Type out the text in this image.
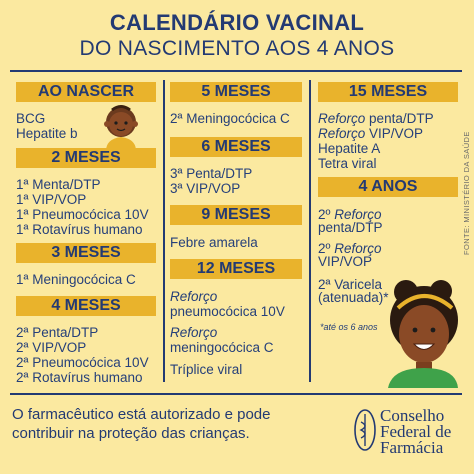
CALENDÁRIO VACINAL
DO NASCIMENTO AOS 4 ANOS
AO NASCER
BCG
Hepatite b
2 MESES
1ª Menta/DTP
1ª VIP/VOP
1ª Pneumocócica 10V
1ª Rotavírus humano
3 MESES
1ª Meningocócica C
4 MESES
2ª Penta/DTP
2ª VIP/VOP
2ª Pneumocócica 10V
2ª Rotavírus humano
5 MESES
2ª Meningocócica C
6 MESES
3ª Penta/DTP
3ª VIP/VOP
9 MESES
Febre amarela
12 MESES
Reforço
pneumocócica 10V
Reforço
meningocócica C
Tríplice viral
15 MESES
Reforço penta/DTP
Reforço VIP/VOP
Hepatite A
Tetra viral
4 ANOS
2º Reforço
penta/DTP
2º Reforço
VIP/VOP
2ª Varicela
(atenuada)*
*até os 6 anos
FONTE: MINISTÉRIO DA SAÚDE
O farmacêutico está autorizado e pode
contribuir na proteção das crianças.
Conselho
Federal de
Farmácia
